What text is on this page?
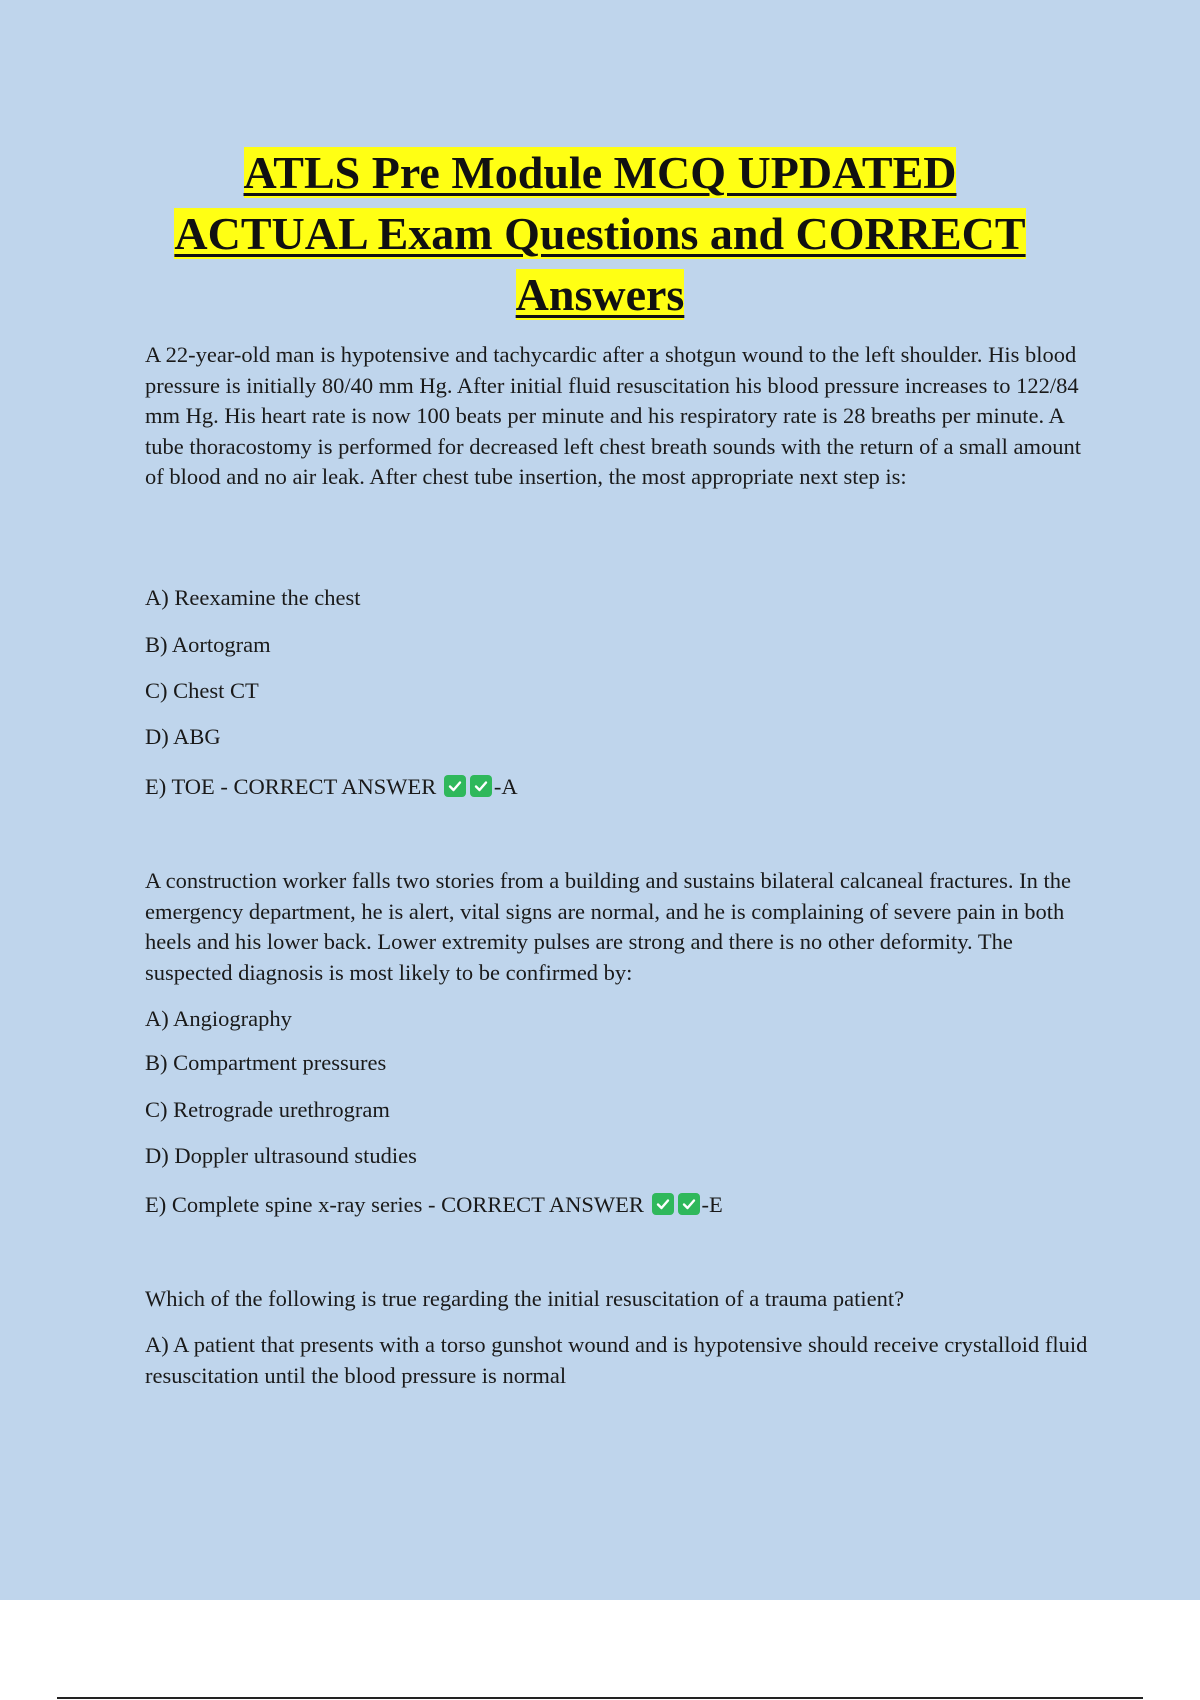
ATLS Pre Module MCQ UPDATED
ACTUAL Exam Questions and CORRECT
Answers
A 22-year-old man is hypotensive and tachycardic after a shotgun wound to the left shoulder. His blood pressure is initially 80/40 mm Hg. After initial fluid resuscitation his blood pressure increases to 122/84 mm Hg. His heart rate is now 100 beats per minute and his respiratory rate is 28 breaths per minute. A tube thoracostomy is performed for decreased left chest breath sounds with the return of a small amount of blood and no air leak. After chest tube insertion, the most appropriate next step is:
A) Reexamine the chest
B) Aortogram
C) Chest CT
D) ABG
E) TOE - CORRECT ANSWER	-A
A construction worker falls two stories from a building and sustains bilateral calcaneal fractures. In the emergency department, he is alert, vital signs are normal, and he is complaining of severe pain in both heels and his lower back. Lower extremity pulses are strong and there is no other deformity. The suspected diagnosis is most likely to be confirmed by:
A) Angiography
B) Compartment pressures
C) Retrograde urethrogram
D) Doppler ultrasound studies
E) Complete spine x-ray series - CORRECT ANSWER	-E
Which of the following is true regarding the initial resuscitation of a trauma patient?
A) A patient that presents with a torso gunshot wound and is hypotensive should receive crystalloid fluid resuscitation until the blood pressure is normal
